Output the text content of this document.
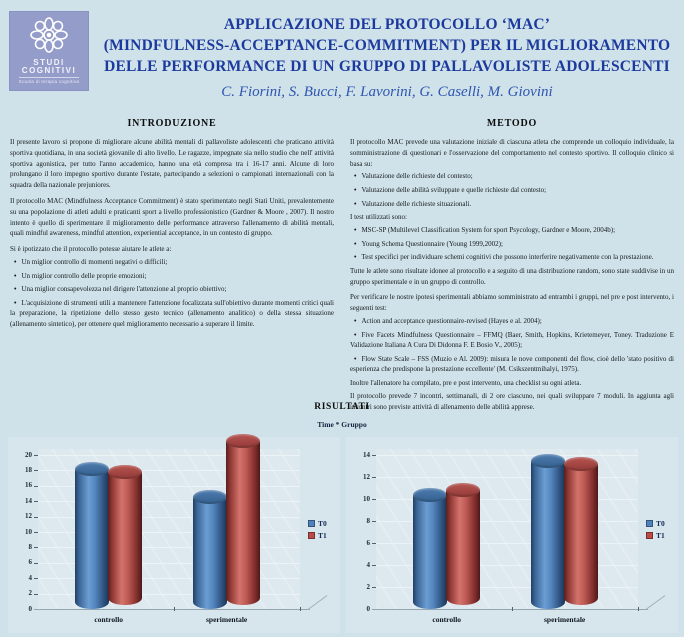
STUDI
COGNITIVI
Scuola di terapia cognitiva
APPLICAZIONE DEL PROTOCOLLO ‘MAC’
(MINDFULNESS-ACCEPTANCE-COMMITMENT) PER IL MIGLIORAMENTO
DELLE PERFORMANCE DI UN GRUPPO DI PALLAVOLISTE ADOLESCENTI
C. Fiorini, S. Bucci, F. Lavorini, G. Caselli, M. Giovini
INTRODUZIONE

Il presente lavoro si propone di migliorare alcune abilità mentali di pallavoliste adolescenti che praticano attività sportiva quotidiana, in una società giovanile di alto livello. Le ragazze, impegnate sia nello studio che nell' attività sportiva agonistica, per tutto l'anno accademico, hanno una età compresa tra i 16-17 anni. Alcune di loro prolungano il loro impegno sportivo durante l'estate, partecipando a selezioni o campionati internazionali con la squadra della nazionale prejuniores.

Il protocollo MAC (Mindfulness Acceptance Commitment) è stato sperimentato negli Stati Uniti, prevalentemente su una popolazione di atleti adulti e praticanti sport a livello professionistico (Gardner & Moore , 2007). Il nostro intento è quello di sperimentare il miglioramento delle performance attraverso l'allenamento di abilità mentali, quali mindful awareness, mindful attention, experiential acceptance, in un contesto di gruppo.

Si è ipotizzato che il protocollo potesse aiutare le atlete a:

• Un miglior controllo di momenti negativi o difficili;
• Un miglior controllo delle proprie emozioni;
• Una miglior consapevolezza nel dirigere l'attenzione al proprio obiettivo;
• L'acquisizione di strumenti utili a mantenere l'attenzione focalizzata sull'obiettivo durante momenti critici quali la preparazione, la ripetizione dello stesso gesto tecnico (allenamento analitico) o della stessa situazione (allenamento sintetico), per ottenere quel miglioramento necessario a superare il limite.
METODO

Il protocollo MAC prevede una valutazione iniziale di ciascuna atleta che comprende un colloquio individuale, la somministrazione di questionari e l'osservazione del comportamento nel contesto sportivo. Il colloquio clinico si basa su:

• Valutazione delle richieste del contesto;
• Valutazione delle abilità sviluppate e quelle richieste dal contesto;
• Valutazione delle richieste situazionali.

I test utilizzati sono:

• MSC-SP (Multilevel Classification System for sport Psycology, Gardner e Moore, 2004b);
• Young Schema Questionnaire (Young 1999,2002);
• Test specifici per individuare schemi cognitivi che possono interferire negativamente con la prestazione.

Tutte le atlete sono risultate idonee al protocollo e a seguito di una distribuzione random, sono state suddivise in un gruppo sperimentale e in un gruppo di controllo.

Per verificare le nostre ipotesi sperimentali abbiamo somministrato ad entrambi i gruppi, nel pre e post intervento, i seguenti test:

• Action and acceptance questionnaire-revised (Hayes e al. 2004);
• Five Facets Mindfulness Questionnaire – FFMQ (Baer, Smith, Hopkins, Krietemeyer, Toney. Traduzione E Validazione Italiana A Cura Di Didonna F. E Bosio V., 2005);
• Flow State Scale – FSS (Muzio e Al. 2009): misura le nove componenti del flow, cioè dello 'stato positivo di esperienza che predispone la prestazione eccellente' (M. Csikszentmihalyi, 1975).

Inoltre l'allenatore ha compilato, pre e post intervento, una checklist su ogni atleta.

Il protocollo prevede 7 incontri, settimanali, di 2 ore ciascuno, nei quali sviluppare 7 moduli. In aggiunta agli incontri sono previste attività di allenamento delle abilità apprese.

RISULTATI
Time * Gruppo
0
2
4
6
8
10
12
14
16
18
20
controllo	sperimentale
T0
T1
0
2
4
6
8
10
12
14
controllo	sperimentale
T0
T1
